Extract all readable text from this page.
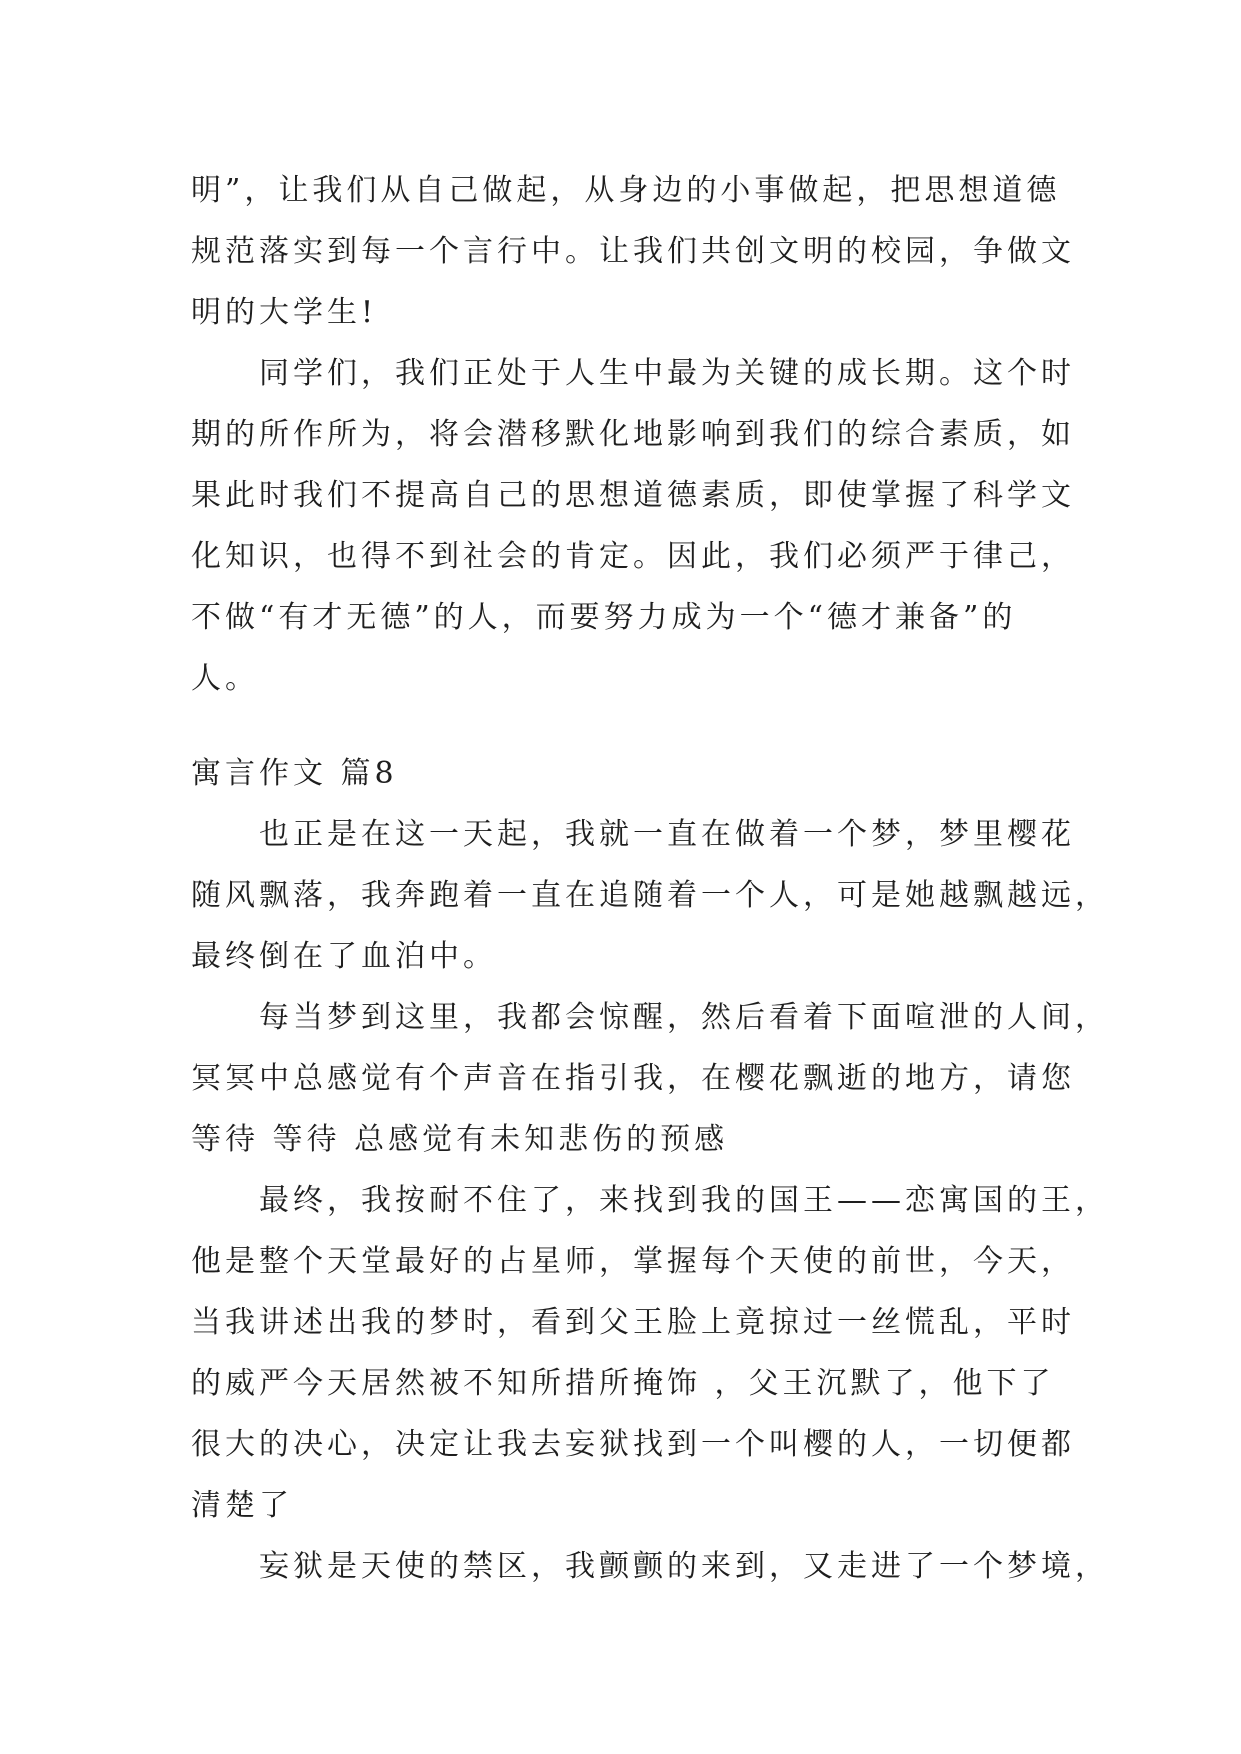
明”，让我们从自己做起，从身边的小事做起，把思想道德
规范落实到每一个言行中。让我们共创文明的校园，争做文
明的大学生!
同学们，我们正处于人生中最为关键的成长期。这个时
期的所作所为，将会潜移默化地影响到我们的综合素质，如
果此时我们不提高自己的思想道德素质，即使掌握了科学文
化知识，也得不到社会的肯定。因此，我们必须严于律己，
不做“有才无德”的人，而要努力成为一个“德才兼备”的
人。
寓言作文 篇8
也正是在这一天起，我就一直在做着一个梦，梦里樱花
随风飘落，我奔跑着一直在追随着一个人，可是她越飘越远，
最终倒在了血泊中。
每当梦到这里，我都会惊醒，然后看着下面喧泄的人间，
冥冥中总感觉有个声音在指引我，在樱花飘逝的地方，请您
等待 等待 总感觉有未知悲伤的预感
最终，我按耐不住了，来找到我的国王——恋寓国的王，
他是整个天堂最好的占星师，掌握每个天使的前世，今天，
当我讲述出我的梦时，看到父王脸上竟掠过一丝慌乱，平时
的威严今天居然被不知所措所掩饰 ，父王沉默了，他下了
很大的决心，决定让我去妄狱找到一个叫樱的人，一切便都
清楚了
妄狱是天使的禁区，我颤颤的来到，又走进了一个梦境，
